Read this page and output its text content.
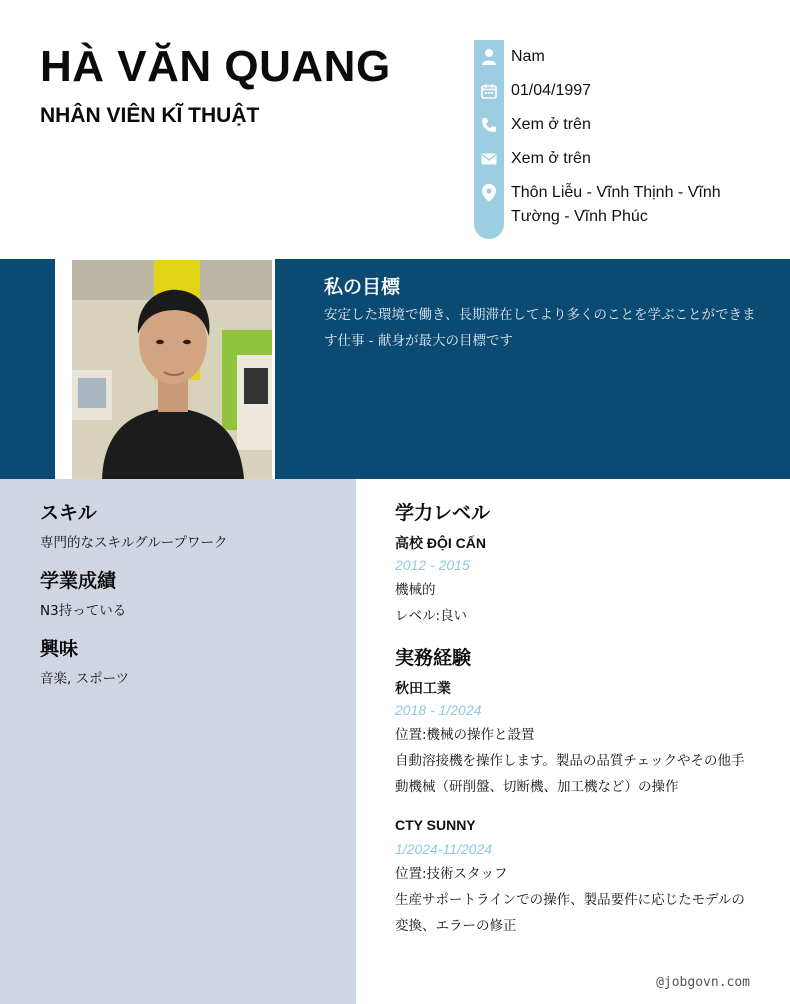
HÀ VĂN QUANG
NHÂN VIÊN KĨ THUẬT
Nam
01/04/1997
Xem ở trên
Xem ở trên
Thôn Liễu - Vĩnh Thịnh - Vĩnh Tường - Vĩnh Phúc
私の目標
安定した環境で働き、長期滞在してより多くのことを学ぶことができます仕事 - 献身が最大の目標です
スキル
専門的なスキルグループワーク
学業成績
N3持っている
興味
音楽, スポーツ
学力レベル
高校 ĐỘI CẤN
2012 - 2015
機械的
レベル:良い
実務経験
秋田工業
2018 - 1/2024
位置:機械の操作と設置
自動溶接機を操作します。製品の品質チェックやその他手動機械（研削盤、切断機、加工機など）の操作
CTY SUNNY
1/2024-11/2024
位置:技術スタッフ
生産サポートラインでの操作、製品要件に応じたモデルの変換、エラーの修正
@jobgovn.com
